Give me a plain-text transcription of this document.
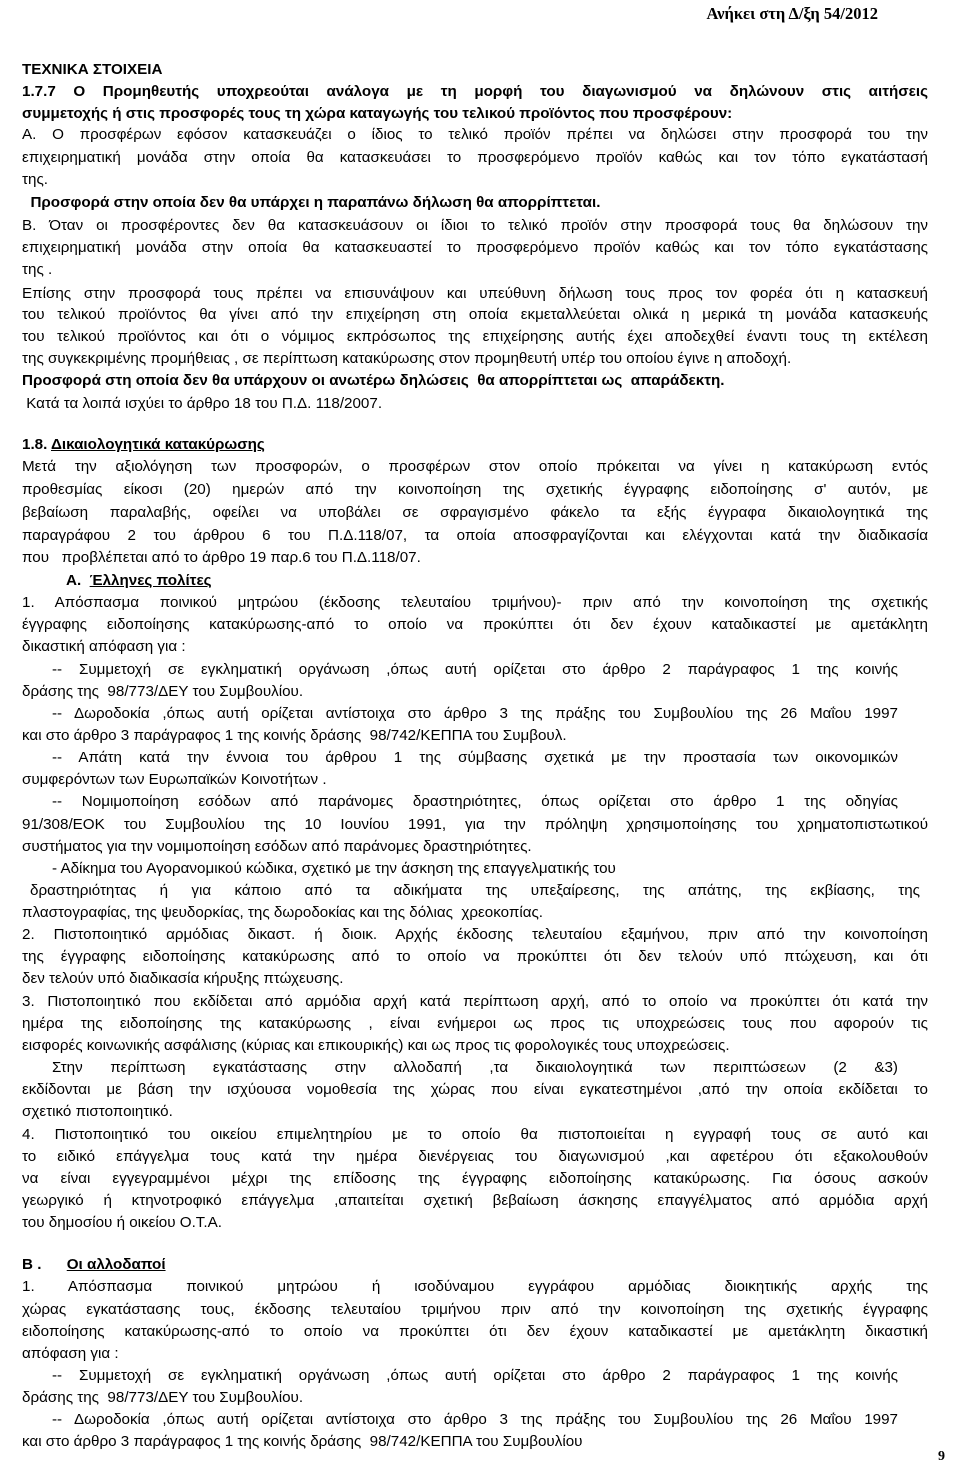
Ανήκει στη Δ/ξη 54/2012
ΤΕΧΝΙΚΑ ΣΤΟΙΧΕΙΑ
1.7.7 Ο Προμηθευτής υποχρεούται ανάλογα με τη μορφή του διαγωνισμού να δηλώνουν στις αιτήσεις
συμμετοχής ή στις προσφορές τους τη χώρα καταγωγής του τελικού προϊόντος που προσφέρουν:
Α. Ο προσφέρων εφόσον κατασκευάζει ο ίδιος το τελικό προϊόν πρέπει να δηλώσει στην προσφορά του την
επιχειρηματική μονάδα στην οποία θα κατασκευάσει το προσφερόμενο προϊόν καθώς και τον τόπο εγκατάστασή
της.
Προσφορά στην οποία δεν θα υπάρχει η παραπάνω δήλωση θα απορρίπτεται.
Β. Όταν οι προσφέροντες δεν θα κατασκευάσουν οι ίδιοι το τελικό προϊόν στην προσφορά τους θα δηλώσουν την
επιχειρηματική μονάδα στην οποία θα κατασκευαστεί το προσφερόμενο προϊόν καθώς και τον τόπο εγκατάστασης
της .
Επίσης στην προσφορά τους πρέπει να επισυνάψουν και υπεύθυνη δήλωση τους προς τον φορέα ότι η κατασκευή
του τελικού προϊόντος θα γίνει από την επιχείρηση στη οποία εκμεταλλεύεται ολικά η μερικά τη μονάδα κατασκευής
του τελικού προϊόντος και ότι ο νόμιμος εκπρόσωπος της επιχείρησης αυτής έχει αποδεχθεί έναντι τους τη εκτέλεση
της συγκεκριμένης προμήθειας , σε περίπτωση κατακύρωσης στον προμηθευτή υπέρ του οποίου έγινε η αποδοχή.
Προσφορά στη οποία δεν θα υπάρχουν οι ανωτέρω δηλώσεις  θα απορρίπτεται ως  απαράδεκτη.
Κατά τα λοιπά ισχύει το άρθρο 18 του Π.Δ. 118/2007.
1.8. Δικαιολογητικά κατακύρωσης
Μετά την αξιολόγηση των προσφορών, ο προσφέρων στον οποίο πρόκειται να γίνει η κατακύρωση εντός
προθεσμίας είκοσι (20) ημερών από την κοινοποίηση της σχετικής έγγραφης ειδοποίησης σ' αυτόν, με
βεβαίωση παραλαβής, οφείλει να υποβάλει σε σφραγισμένο φάκελο τα εξής έγγραφα δικαιολογητικά της
παραγράφου 2 του άρθρου 6 του Π.Δ.118/07, τα οποία αποσφραγίζονται και ελέγχονται κατά την διαδικασία
που   προβλέπεται από το άρθρο 19 παρ.6 του Π.Δ.118/07.
Α.  Έλληνες πολίτες
1. Απόσπασμα ποινικού μητρώου (έκδοσης τελευταίου τριμήνου)- πριν από την κοινοποίηση της σχετικής
έγγραφης ειδοποίησης κατακύρωσης-από το οποίο να προκύπτει ότι δεν έχουν καταδικαστεί με αμετάκλητη
δικαστική απόφαση για :
-- Συμμετοχή σε εγκληματική οργάνωση ,όπως αυτή ορίζεται στο άρθρο 2 παράγραφος 1 της κοινής
δράσης της  98/773/ΔΕΥ του Συμβουλίου.
-- Δωροδοκία ,όπως αυτή ορίζεται αντίστοιχα στο άρθρο 3 της πράξης του Συμβουλίου της 26 Μαΐου 1997
και στο άρθρο 3 παράγραφος 1 της κοινής δράσης  98/742/ΚΕΠΠΑ του Συμβουλ.
-- Απάτη κατά την έννοια του άρθρου 1 της σύμβασης σχετικά με την προστασία των οικονομικών
συμφερόντων των Ευρωπαϊκών Κοινοτήτων .
-- Νομιμοποίηση εσόδων από παράνομες δραστηριότητες, όπως ορίζεται στο άρθρο 1 της οδηγίας
91/308/ΕΟΚ του Συμβουλίου της 10 Ιουνίου 1991, για την πρόληψη χρησιμοποίησης του χρηματοπιστωτικού
συστήματος για την νομιμοποίηση εσόδων από παράνομες δραστηριότητες.
- Αδίκημα του Αγορανομικού κώδικα, σχετικό με την άσκηση της επαγγελματικής του
δραστηριότητας ή για κάποιο από τα αδικήματα της υπεξαίρεσης, της απάτης, της εκβίασης, της
πλαστογραφίας, της ψευδορκίας, της δωροδοκίας και της δόλιας  χρεοκοπίας.
2. Πιστοποιητικό αρμόδιας δικαστ. ή διοικ. Αρχής έκδοσης τελευταίου εξαμήνου, πριν από την κοινοποίηση
της έγγραφης ειδοποίησης κατακύρωσης από το οποίο να προκύπτει ότι δεν τελούν υπό πτώχευση, και ότι
δεν τελούν υπό διαδικασία κήρυξης πτώχευσης.
3. Πιστοποιητικό που εκδίδεται από αρμόδια αρχή κατά περίπτωση αρχή, από το οποίο να προκύπτει ότι κατά την
ημέρα της ειδοποίησης της κατακύρωσης , είναι ενήμεροι ως προς τις υποχρεώσεις τους που αφορούν τις
εισφορές κοινωνικής ασφάλισης (κύριας και επικουρικής) και ως προς τις φορολογικές τους υποχρεώσεις.
Στην περίπτωση εγκατάστασης στην αλλοδαπή ,τα δικαιολογητικά των περιπτώσεων (2 &3)
εκδίδονται με βάση την ισχύουσα νομοθεσία της χώρας που είναι εγκατεστημένοι ,από την οποία εκδίδεται το
σχετικό πιστοποιητικό.
4. Πιστοποιητικό του οικείου επιμελητηρίου με το οποίο θα πιστοποιείται η εγγραφή τους σε αυτό και
το ειδικό επάγγελμα τους κατά την ημέρα διενέργειας του διαγωνισμού ,και αφετέρου ότι εξακολουθούν
να είναι εγγεγραμμένοι μέχρι της επίδοσης της έγγραφης ειδοποίησης κατακύρωσης. Για όσους ασκούν
γεωργικό ή κτηνοτροφικό επάγγελμα ,απαιτείται σχετική βεβαίωση άσκησης επαγγέλματος από αρμόδια αρχή
του δημοσίου ή οικείου Ο.Τ.Α.
Β .      Οι αλλοδαποί
1. Απόσπασμα ποινικού μητρώου ή ισοδύναμου εγγράφου αρμόδιας διοικητικής αρχής της
χώρας εγκατάστασης τους, έκδοσης τελευταίου τριμήνου πριν από την κοινοποίηση της σχετικής έγγραφης
ειδοποίησης κατακύρωσης-από το οποίο να προκύπτει ότι δεν έχουν καταδικαστεί με αμετάκλητη δικαστική
απόφαση για :
-- Συμμετοχή σε εγκληματική οργάνωση ,όπως αυτή ορίζεται στο άρθρο 2 παράγραφος 1 της κοινής
δράσης της  98/773/ΔΕΥ του Συμβουλίου.
-- Δωροδοκία ,όπως αυτή ορίζεται αντίστοιχα στο άρθρο 3 της πράξης του Συμβουλίου της 26 Μαΐου 1997
και στο άρθρο 3 παράγραφος 1 της κοινής δράσης  98/742/ΚΕΠΠΑ του Συμβουλίου
9
